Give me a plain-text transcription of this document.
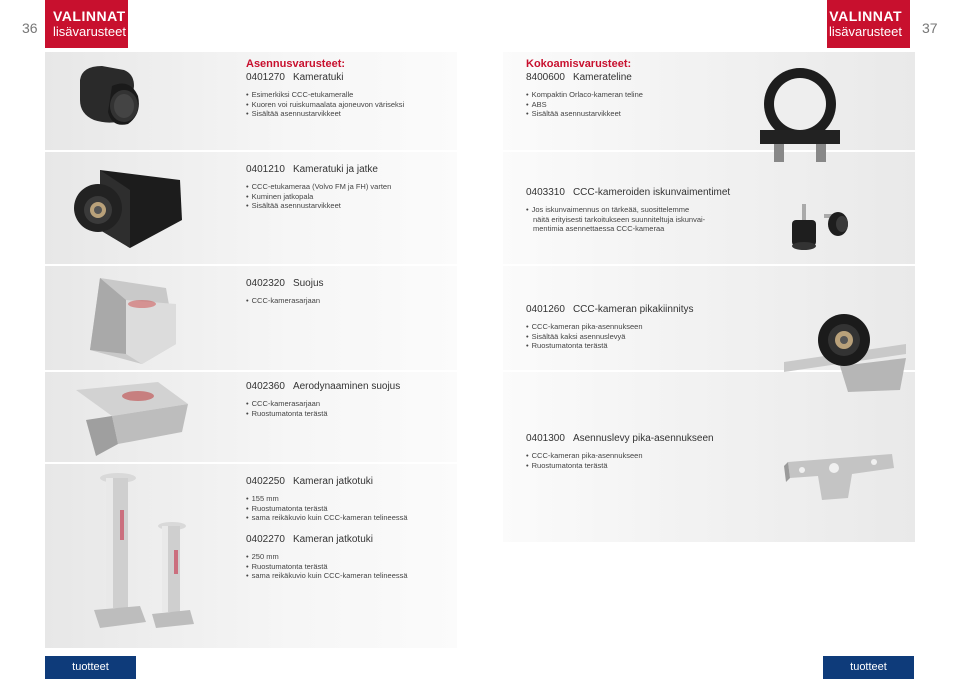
36
VALINNAT
lisävarusteet
VALINNAT
lisävarusteet 37
Asennusvarusteet:
0401270 Kameratuki
• Esimerkiksi CCC-etukameralle
• Kuoren voi ruiskumaalata ajoneuvon väriseksi
• Sisältää asennustarvikkeet
0401210 Kameratuki ja jatke
• CCC-etukameraa (Volvo FM ja FH) varten
• Kuminen jatkopala
• Sisältää asennustarvikkeet
0402320 Suojus
• CCC-kamerasarjaan
0402360 Aerodynaaminen suojus
• CCC-kamerasarjaan
• Ruostumatonta terästä
0402250 Kameran jatkotuki
• 155 mm
• Ruostumatonta terästä
• sama reikäkuvio kuin CCC-kameran telineessä
0402270 Kameran jatkotuki
• 250 mm
• Ruostumatonta terästä
• sama reikäkuvio kuin CCC-kameran telineessä
Kokoamisvarusteet:
8400600 Kamerateline
• Kompaktin Orlaco-kameran teline
• ABS
• Sisältää asennustarvikkeet
0403310 CCC-kameroiden iskunvaimentimet
• Jos iskunvaimennus on tärkeää, suosittelemme
näitä erityisesti tarkoitukseen suunniteltuja iskunvai-
mentimia asennettaessa CCC-kameraa
0401260 CCC-kameran pikakiinnitys
• CCC-kameran pika-asennukseen
• Sisältää kaksi asennuslevyä
• Ruostumatonta terästä
0401300 Asennuslevy pika-asennukseen
• CCC-kameran pika-asennukseen
• Ruostumatonta terästä
tuotteet	tuotteet
